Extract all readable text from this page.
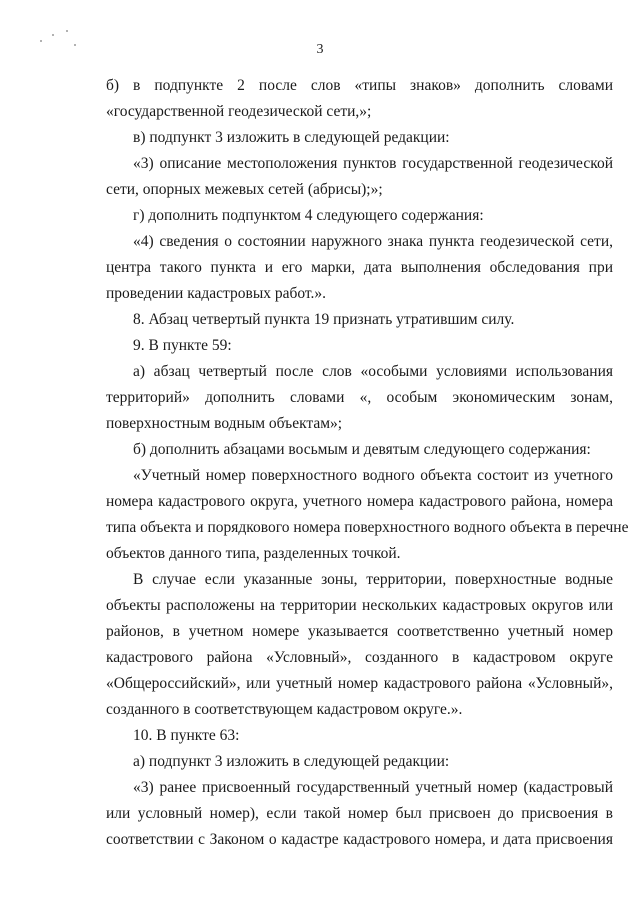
3
б) в подпункте 2 после слов «типы знаков» дополнить словами
«государственной геодезической сети,»;
в) подпункт 3 изложить в следующей редакции:
«3) описание местоположения пунктов государственной геодезической
сети, опорных межевых сетей (абрисы);»;
г) дополнить подпунктом 4 следующего содержания:
«4) сведения о состоянии наружного знака пункта геодезической сети,
центра такого пункта и его марки, дата выполнения обследования при
проведении кадастровых работ.».
8. Абзац четвертый пункта 19 признать утратившим силу.
9. В пункте 59:
а) абзац четвертый после слов «особыми условиями использования
территорий» дополнить словами «, особым экономическим зонам,
поверхностным водным объектам»;
б) дополнить абзацами восьмым и девятым следующего содержания:
«Учетный номер поверхностного водного объекта состоит из учетного
номера кадастрового округа, учетного номера кадастрового района, номера
типа объекта и порядкового номера поверхностного водного объекта в перечне
объектов данного типа, разделенных точкой.
В случае если указанные зоны, территории, поверхностные водные
объекты расположены на территории нескольких кадастровых округов или
районов, в учетном номере указывается соответственно учетный номер
кадастрового района «Условный», созданного в кадастровом округе
«Общероссийский», или учетный номер кадастрового района «Условный»,
созданного в соответствующем кадастровом округе.».
10. В пункте 63:
а) подпункт 3 изложить в следующей редакции:
«3) ранее присвоенный государственный учетный номер (кадастровый
или условный номер), если такой номер был присвоен до присвоения в
соответствии с Законом о кадастре кадастрового номера, и дата присвоения
